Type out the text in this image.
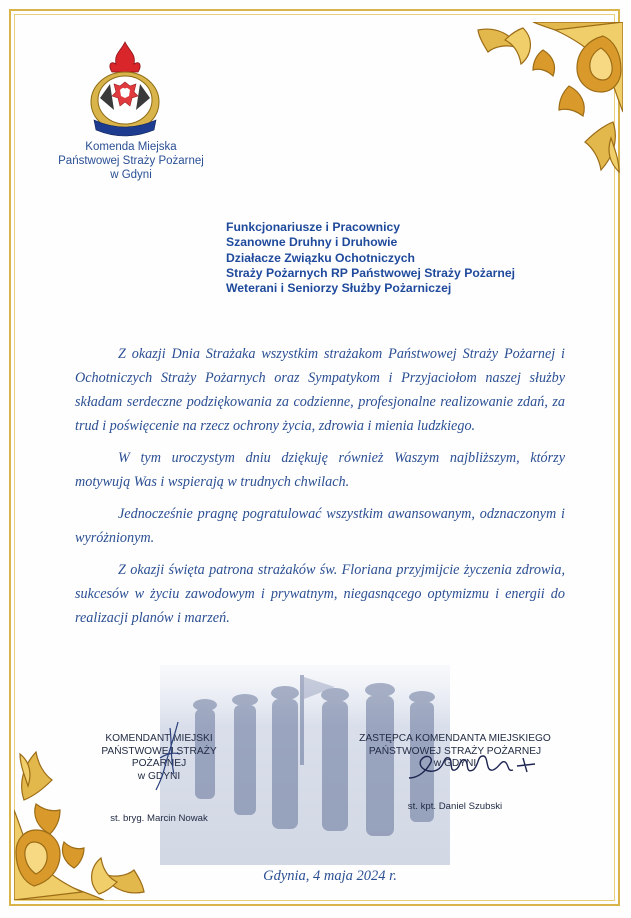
Komenda Miejska
Państwowej Straży Pożarnej
w Gdyni
Funkcjonariusze i Pracownicy
Szanowne Druhny i Druhowie
Działacze Związku Ochotniczych
Straży Pożarnych RP Państwowej Straży Pożarnej
Weterani i Seniorzy Służby Pożarniczej

Z okazji Dnia Strażaka wszystkim strażakom Państwowej Straży Pożarnej i Ochotniczych Straży Pożarnych oraz Sympatykom i Przyjaciołom naszej służby składam serdeczne podziękowania za codzienne, profesjonalne realizowanie zdań, za trud i poświęcenie na rzecz ochrony życia, zdrowia i mienia ludzkiego.

W tym uroczystym dniu dziękuję również Waszym najbliższym, którzy motywują Was i wspierają w trudnych chwilach.

Jednocześnie pragnę pogratulować wszystkim awansowanym, odznaczonym i wyróżnionym.

Z okazji święta patrona strażaków św. Floriana przyjmijcie życzenia zdrowia, sukcesów w życiu zawodowym i prywatnym, niegasnącego optymizmu i energii do realizacji planów i marzeń.

KOMENDANT MIEJSKI
PAŃSTWOWEJ STRAŻY POŻARNEJ
w GDYNI
st. bryg. Marcin Nowak
ZASTĘPCA KOMENDANTA MIEJSKIEGO
PAŃSTWOWEJ STRAŻY POŻARNEJ
w GDYNI
st. kpt. Daniel Szubski
Gdynia, 4 maja 2024 r.
